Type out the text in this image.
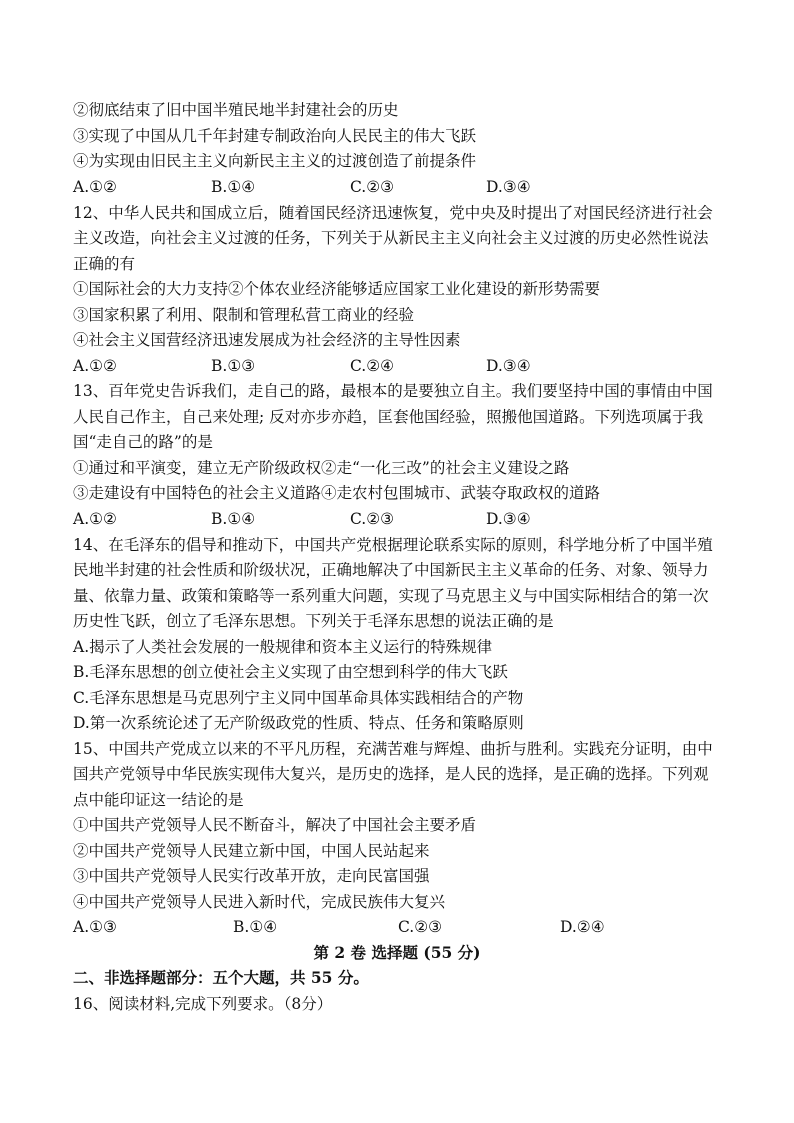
②彻底结束了旧中国半殖民地半封建社会的历史
③实现了中国从几千年封建专制政治向人民民主的伟大飞跃
④为实现由旧民主主义向新民主主义的过渡创造了前提条件
A.①②	B.①④	C.②③	D.③④
12、中华人民共和国成立后，随着国民经济迅速恢复，党中央及时提出了对国民经济进行社会
主义改造，向社会主义过渡的任务，下列关于从新民主主义向社会主义过渡的历史必然性说法
正确的有
①国际社会的大力支持②个体农业经济能够适应国家工业化建设的新形势需要
③国家积累了利用、限制和管理私营工商业的经验
④社会主义国营经济迅速发展成为社会经济的主导性因素
A.①②	B.①③	C.②④	D.③④
13、百年党史告诉我们，走自己的路，最根本的是要独立自主。我们要坚持中国的事情由中国
人民自己作主，自己来处理; 反对亦步亦趋，匡套他国经验，照搬他国道路。下列选项属于我
国“走自己的路”的是
①通过和平演变，建立无产阶级政权②走“一化三改”的社会主义建设之路
③走建设有中国特色的社会主义道路④走农村包围城市、武装夺取政权的道路
A.①②	B.①④	C.②③	D.③④
14、在毛泽东的倡导和推动下，中国共产党根据理论联系实际的原则，科学地分析了中国半殖
民地半封建的社会性质和阶级状况，正确地解决了中国新民主主义革命的任务、对象、领导力
量、依靠力量、政策和策略等一系列重大问题，实现了马克思主义与中国实际相结合的第一次
历史性飞跃，创立了毛泽东思想。下列关于毛泽东思想的说法正确的是
A.揭示了人类社会发展的一般规律和资本主义运行的特殊规律
B.毛泽东思想的创立使社会主义实现了由空想到科学的伟大飞跃
C.毛泽东思想是马克思列宁主义同中国革命具体实践相结合的产物
D.第一次系统论述了无产阶级政党的性质、特点、任务和策略原则
15、中国共产党成立以来的不平凡历程，充满苦难与辉煌、曲折与胜利。实践充分证明，由中
国共产党领导中华民族实现伟大复兴，是历史的选择，是人民的选择，是正确的选择。下列观
点中能印证这一结论的是
①中国共产党领导人民不断奋斗，解决了中国社会主要矛盾
②中国共产党领导人民建立新中国，中国人民站起来
③中国共产党领导人民实行改革开放，走向民富国强
④中国共产党领导人民进入新时代，完成民族伟大复兴
A.①③	B.①④	C.②③	D.②④
第 2 卷 选择题 (55 分)
二、非选择题部分：五个大题，共 55 分。
16、阅读材料,完成下列要求。（8分）
